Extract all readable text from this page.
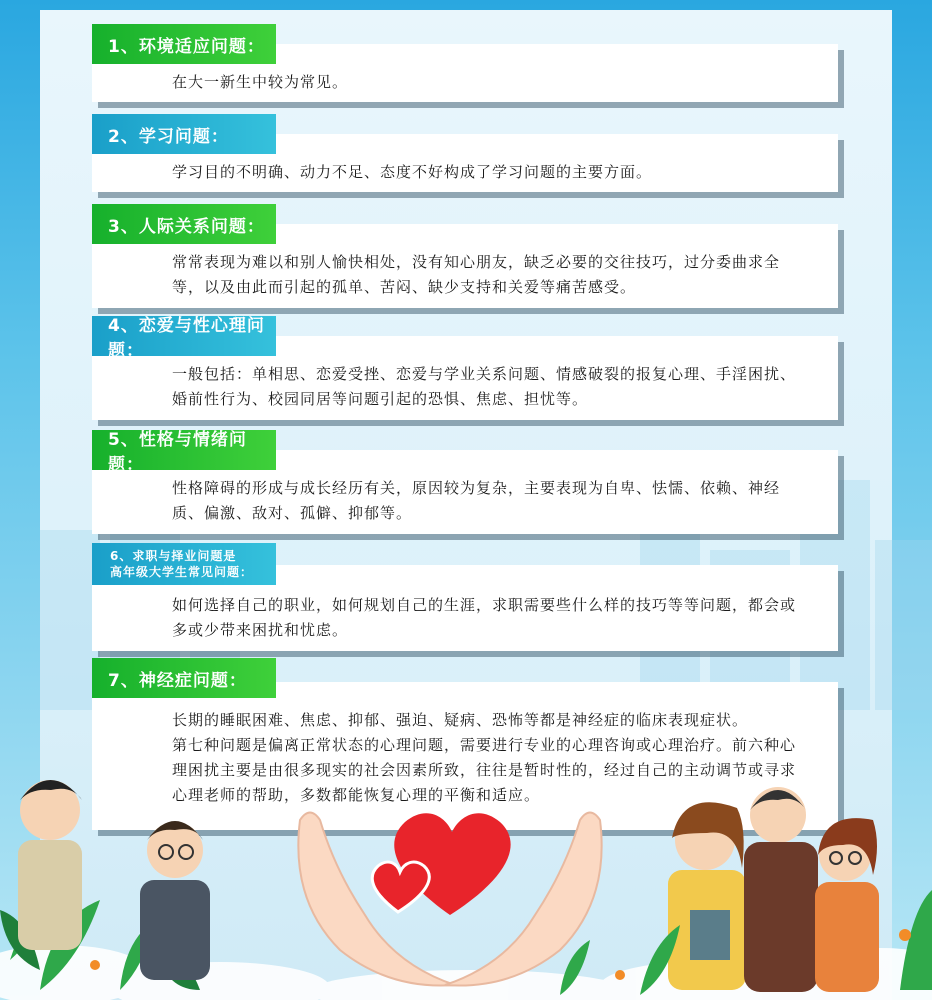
在大一新生中较为常见。

1、环境适应问题：

学习目的不明确、动力不足、态度不好构成了学习问题的主要方面。

2、学习问题：

常常表现为难以和别人愉快相处，没有知心朋友，缺乏必要的交往技巧，过分委曲求全等，以及由此而引起的孤单、苦闷、缺少支持和关爱等痛苦感受。

3、人际关系问题：

一般包括：单相思、恋爱受挫、恋爱与学业关系问题、情感破裂的报复心理、手淫困扰、婚前性行为、校园同居等问题引起的恐惧、焦虑、担忧等。

4、恋爱与性心理问题：

性格障碍的形成与成长经历有关，原因较为复杂，主要表现为自卑、怯懦、依赖、神经质、偏激、敌对、孤僻、抑郁等。

5、性格与情绪问题：

如何选择自己的职业，如何规划自己的生涯，求职需要些什么样的技巧等等问题，都会或多或少带来困扰和忧虑。

6、求职与择业问题是
高年级大学生常见问题：

长期的睡眠困难、焦虑、抑郁、强迫、疑病、恐怖等都是神经症的临床表现症状。

第七种问题是偏离正常状态的心理问题，需要进行专业的心理咨询或心理治疗。前六种心理困扰主要是由很多现实的社会因素所致，往往是暂时性的，经过自己的主动调节或寻求心理老师的帮助，多数都能恢复心理的平衡和适应。

7、神经症问题：
